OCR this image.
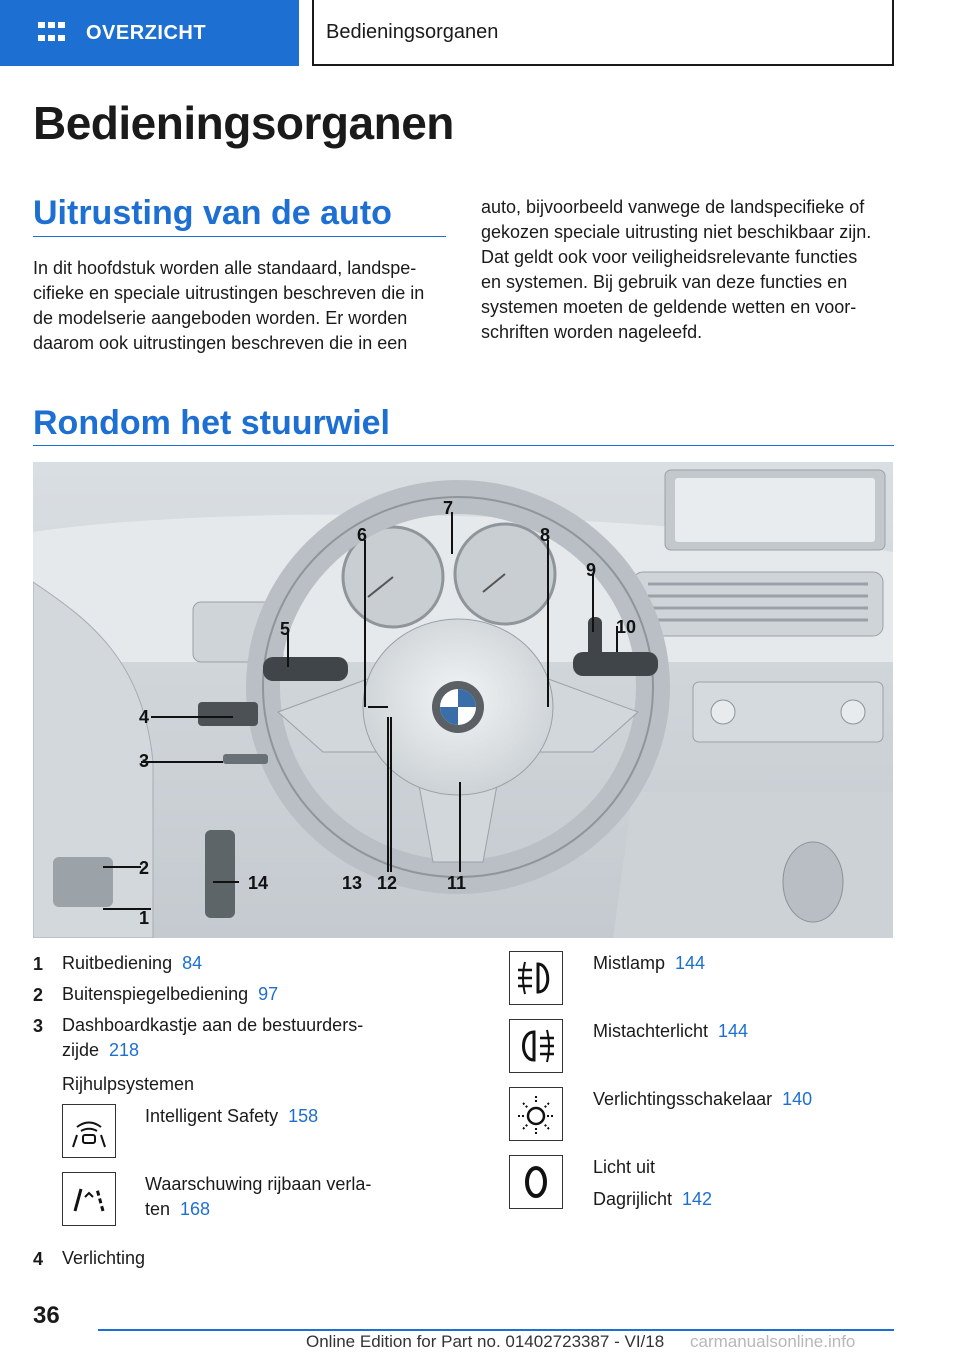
OVERZICHT	Bedieningsorganen
Bedieningsorganen
Uitrusting van de auto
In dit hoofdstuk worden alle standaard, landspe‐
cifieke en speciale uitrustingen beschreven die in
de modelserie aangeboden worden. Er worden
daarom ook uitrustingen beschreven die in een
auto, bijvoorbeeld vanwege de landspecifieke of
gekozen speciale uitrusting niet beschikbaar zijn.
Dat geldt ook voor veiligheidsrelevante functies
en systemen. Bij gebruik van deze functies en
systemen moeten de geldende wetten en voor‐
schriften worden nageleefd.
Rondom het stuurwiel
1
2
3
4
5
6
7
8
9
10
11
12
13
14
1 Ruitbediening 84
2 Buitenspiegelbediening 97
3 Dashboardkastje aan de bestuurders‐
zijde 218
Rijhulpsystemen
Intelligent Safety 158
Waarschuwing rijbaan verla‐
ten 168
4 Verlichting
Mistlamp 144
Mistachterlicht 144
Verlichtingsschakelaar 140
Licht uit
Dagrijlicht 142
36
Online Edition for Part no. 01402723387 - VI/18 carmanualsonline.info
